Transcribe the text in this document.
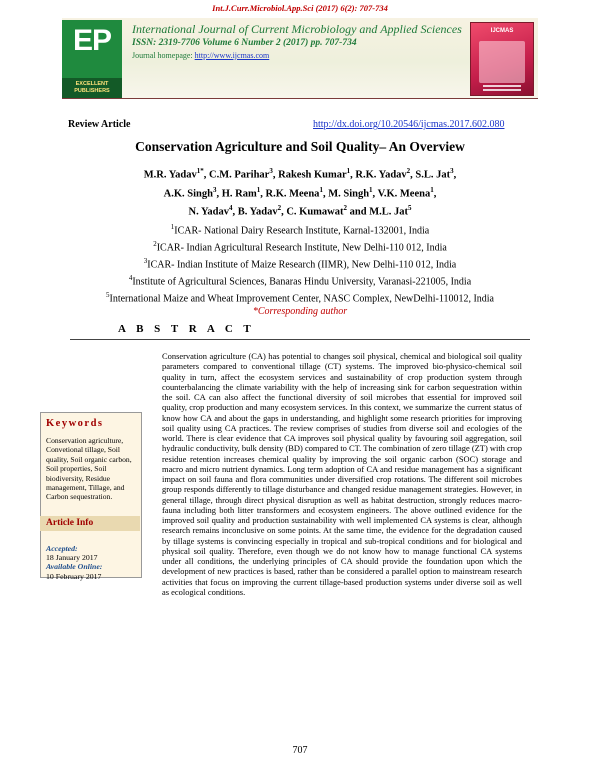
Int.J.Curr.Microbiol.App.Sci (2017) 6(2): 707-734
EP
EXCELLENT PUBLISHERS
International Journal of Current Microbiology and Applied Sciences
ISSN: 2319-7706 Volume 6 Number 2 (2017) pp. 707-734
Journal homepage: http://www.ijcmas.com
IJCMAS
Review Article	http://dx.doi.org/10.20546/ijcmas.2017.602.080
Conservation Agriculture and Soil Quality– An Overview
M.R. Yadav$^{1*}$, C.M. Parihar$^3$, Rakesh Kumar$^1$, R.K. Yadav$^2$, S.L. Jat$^3$,
A.K. Singh$^3$, H. Ram$^1$, R.K. Meena$^1$, M. Singh$^1$, V.K. Meena$^1$,
N. Yadav$^4$, B. Yadav$^2$, C. Kumawat$^2$ and M.L. Jat$^5$
$^1$ICAR- National Dairy Research Institute, Karnal-132001, India
$^2$ICAR- Indian Agricultural Research Institute, New Delhi-110 012, India
$^3$ICAR- Indian Institute of Maize Research (IIMR), New Delhi-110 012, India
$^4$Institute of Agricultural Sciences, Banaras Hindu University, Varanasi-221005, India
$^5$International Maize and Wheat Improvement Center, NASC Complex, NewDelhi-110012, India
*Corresponding author
A B S T R A C T
Keywords
Conservation agriculture, Convetional tillage, Soil quality, Soil organic carbon, Soil properties, Soil biodiversity, Residue management, Tillage, and Carbon sequestration.
Article Info
Accepted:
18 January 2017
Available Online:
10 February 2017
Conservation agriculture (CA) has potential to changes soil physical, chemical and biological soil quality parameters compared to conventional tillage (CT) systems. The improved bio-physico-chemical soil quality in turn, affect the ecosystem services and sustainability of crop production system through counterbalancing the climate variability with the help of increasing sink for carbon sequestration within the soil. CA can also affect the functional diversity of soil microbes that essential for improved soil quality, crop production and many ecosystem services. In this context, we summarize the current status of know how CA and about the gaps in understanding, and highlight some research priorities for improving soil quality using CA practices. The review comprises of studies from diverse soil and ecologies of the world. There is clear evidence that CA improves soil physical quality by favouring soil aggregation, soil hydraulic conductivity, bulk density (BD) compared to CT. The combination of zero tillage (ZT) with crop residue retention increases chemical quality by improving the soil organic carbon (SOC) storage and macro and micro nutrient dynamics. Long term adoption of CA and residue management has a significant impact on soil fauna and flora communities under diversified crop rotations. The different soil microbes group responds differently to tillage disturbance and changed residue management strategies. However, in general tillage, through direct physical disruption as well as habitat destruction, strongly reduces macro-fauna including both litter transformers and ecosystem engineers. The above outlined evidence for the improved soil quality and production sustainability with well implemented CA systems is clear, although research remains inconclusive on some points. At the same time, the evidence for the degradation caused by tillage systems is convincing especially in tropical and sub-tropical conditions and for biological and physical soil quality. Therefore, even though we do not know how to manage functional CA systems under all conditions, the underlying principles of CA should provide the foundation upon which the development of new practices is based, rather than be considered a parallel option to mainstream research activities that focus on improving the current tillage-based production systems under diverse soil as well as ecological conditions.
707
